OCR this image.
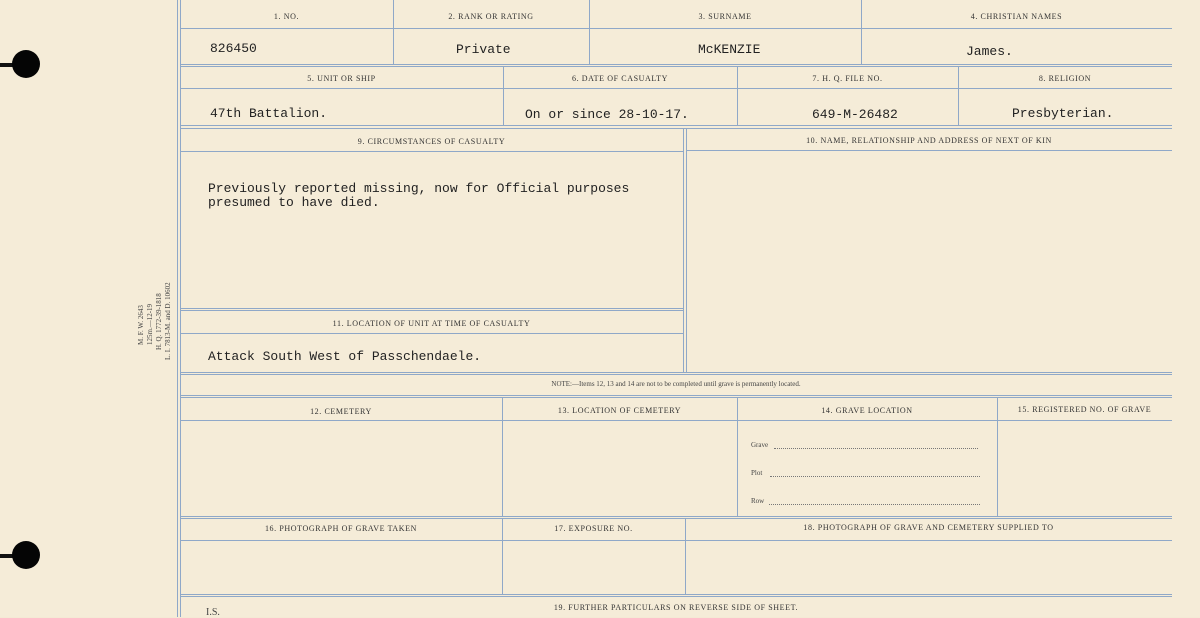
M. F. W. 2643 125m.—12-19 H. Q. 1772-39-1818 L. I. 7813-M. and D. 10602
1. NO.	2. RANK OR RATING	3. SURNAME	4. CHRISTIAN NAMES
826450	Private	McKENZIE	James.
5. UNIT OR SHIP	6. DATE OF CASUALTY	7. H. Q. FILE NO.	8. RELIGION
47th Battalion.	On or since 28-10-17.	649-M-26482	Presbyterian.
9. CIRCUMSTANCES OF CASUALTY	10. NAME, RELATIONSHIP AND ADDRESS OF NEXT OF KIN
Previously reported missing, now for Official purposes
presumed to have died.
11. LOCATION OF UNIT AT TIME OF CASUALTY
Attack South West of Passchendaele.
NOTE:—Items 12, 13 and 14 are not to be completed until grave is permanently located.
12. CEMETERY	13. LOCATION OF CEMETERY	14. GRAVE LOCATION	15. REGISTERED NO. OF GRAVE
Grave
Plot
Row
16. PHOTOGRAPH OF GRAVE TAKEN	17. EXPOSURE NO.	18. PHOTOGRAPH OF GRAVE AND CEMETERY SUPPLIED TO
19. FURTHER PARTICULARS ON REVERSE SIDE OF SHEET.
I.S.
